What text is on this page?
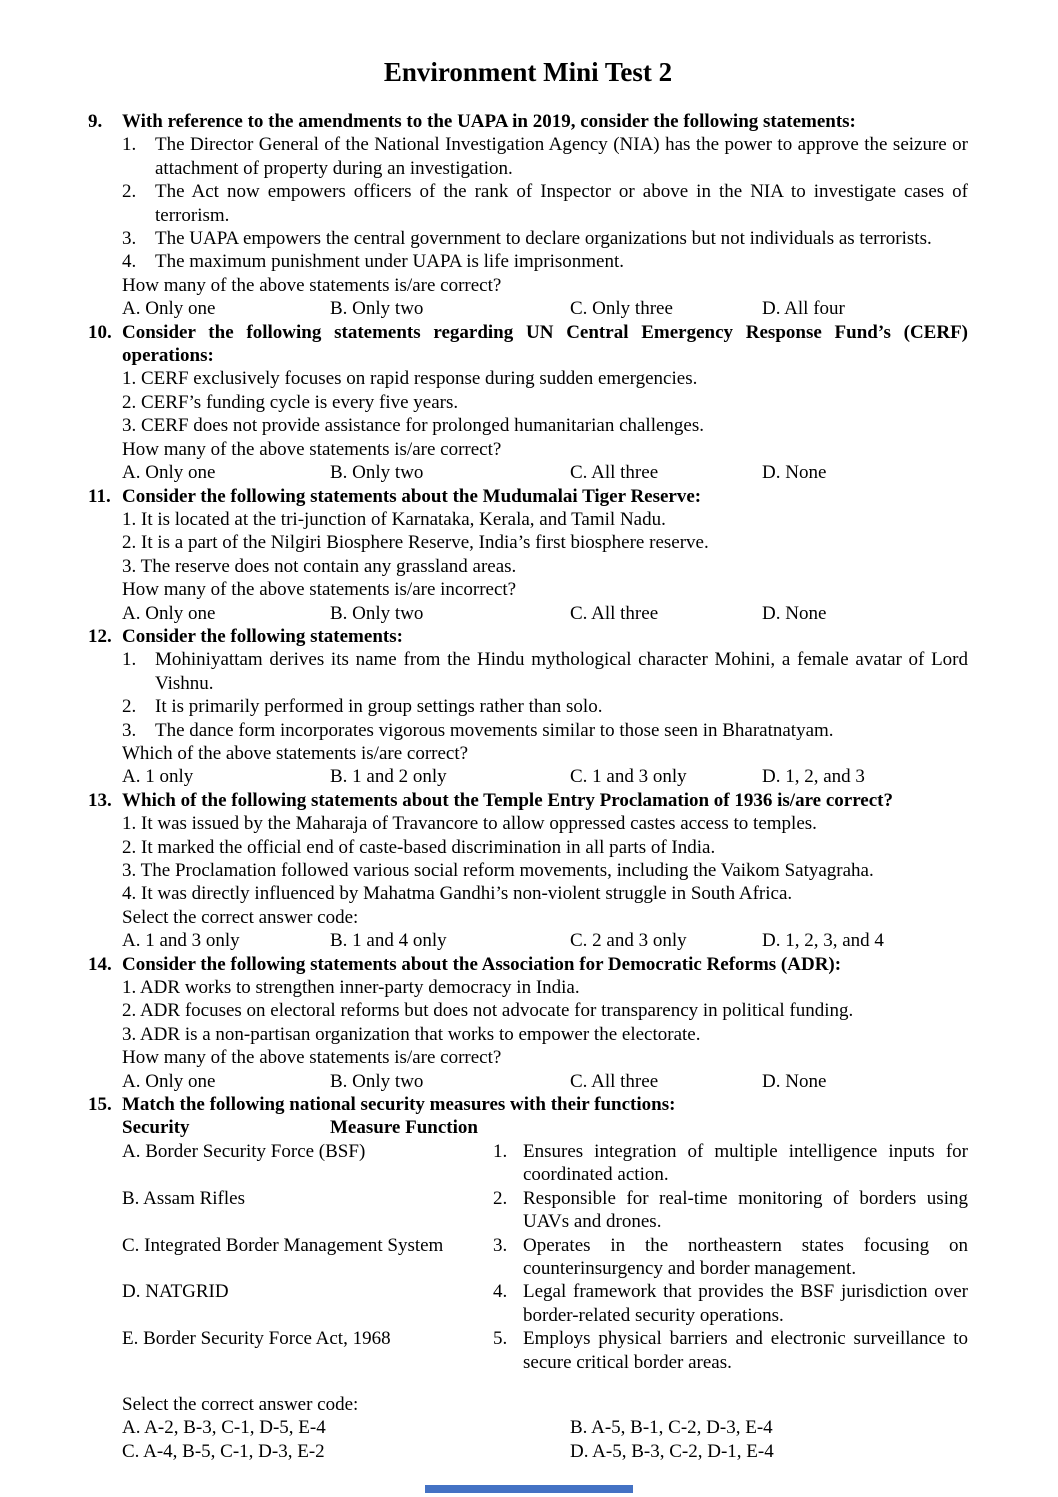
Environment Mini Test 2
9. With reference to the amendments to the UAPA in 2019, consider the following statements:
1. The Director General of the National Investigation Agency (NIA) has the power to approve the seizure or attachment of property during an investigation.
2. The Act now empowers officers of the rank of Inspector or above in the NIA to investigate cases of terrorism.
3. The UAPA empowers the central government to declare organizations but not individuals as terrorists.
4. The maximum punishment under UAPA is life imprisonment.
How many of the above statements is/are correct?
A. Only one	B. Only two	C. Only three	D. All four
10. Consider the following statements regarding UN Central Emergency Response Fund’s (CERF) operations:
1. CERF exclusively focuses on rapid response during sudden emergencies.
2. CERF’s funding cycle is every five years.
3. CERF does not provide assistance for prolonged humanitarian challenges.
How many of the above statements is/are correct?
A. Only one	B. Only two	C. All three	D. None
11. Consider the following statements about the Mudumalai Tiger Reserve:
1. It is located at the tri-junction of Karnataka, Kerala, and Tamil Nadu.
2. It is a part of the Nilgiri Biosphere Reserve, India’s first biosphere reserve.
3. The reserve does not contain any grassland areas.
How many of the above statements is/are incorrect?
A. Only one	B. Only two	C. All three	D. None
12. Consider the following statements:
1. Mohiniyattam derives its name from the Hindu mythological character Mohini, a female avatar of Lord Vishnu.
2. It is primarily performed in group settings rather than solo.
3. The dance form incorporates vigorous movements similar to those seen in Bharatnatyam.
Which of the above statements is/are correct?
A. 1 only	B. 1 and 2 only	C. 1 and 3 only	D. 1, 2, and 3
13. Which of the following statements about the Temple Entry Proclamation of 1936 is/are correct?
1. It was issued by the Maharaja of Travancore to allow oppressed castes access to temples.
2. It marked the official end of caste-based discrimination in all parts of India.
3. The Proclamation followed various social reform movements, including the Vaikom Satyagraha.
4. It was directly influenced by Mahatma Gandhi’s non-violent struggle in South Africa.
Select the correct answer code:
A. 1 and 3 only	B. 1 and 4 only	C. 2 and 3 only	D. 1, 2, 3, and 4
14. Consider the following statements about the Association for Democratic Reforms (ADR):
1. ADR works to strengthen inner-party democracy in India.
2. ADR focuses on electoral reforms but does not advocate for transparency in political funding.
3. ADR is a non-partisan organization that works to empower the electorate.
How many of the above statements is/are correct?
A. Only one	B. Only two	C. All three	D. None
15. Match the following national security measures with their functions:
Security	Measure Function
A. Border Security Force (BSF)	1. Ensures integration of multiple intelligence inputs for coordinated action.
B. Assam Rifles	2. Responsible for real-time monitoring of borders using UAVs and drones.
C. Integrated Border Management System	3. Operates in the northeastern states focusing on counterinsurgency and border management.
D. NATGRID	4. Legal framework that provides the BSF jurisdiction over border-related security operations.
E. Border Security Force Act, 1968	5. Employs physical barriers and electronic surveillance to secure critical border areas.
Select the correct answer code:
A. A-2, B-3, C-1, D-5, E-4	B. A-5, B-1, C-2, D-3, E-4
C. A-4, B-5, C-1, D-3, E-2	D. A-5, B-3, C-2, D-1, E-4
